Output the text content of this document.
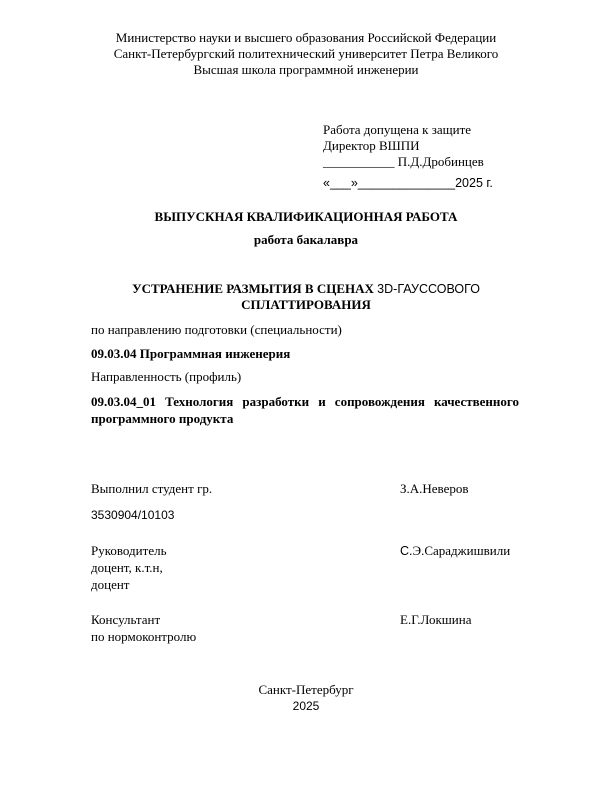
Министерство науки и высшего образования Российской Федерации
Санкт-Петербургский политехнический университет Петра Великого
Высшая школа программной инженерии
Работа допущена к защите
Директор ВШПИ
___________ П.Д.Дробинцев
«___»______________2025 г.
ВЫПУСКНАЯ КВАЛИФИКАЦИОННАЯ РАБОТА
работа бакалавра
УСТРАНЕНИЕ РАЗМЫТИЯ В СЦЕНАХ 3D-ГАУССОВОГО
СПЛАТТИРОВАНИЯ
по направлению подготовки (специальности)
09.03.04 Программная инженерия
Направленность (профиль)
09.03.04_01 Технология разработки и сопровождения качественного
программного продукта
Выполнил студент гр.	З.А.Неверов
3530904/10103
Руководитель	С.Э.Сараджишвили
доцент, к.т.н,
доцент
Консультант	Е.Г.Локшина
по нормоконтролю
Санкт-Петербург
2025
